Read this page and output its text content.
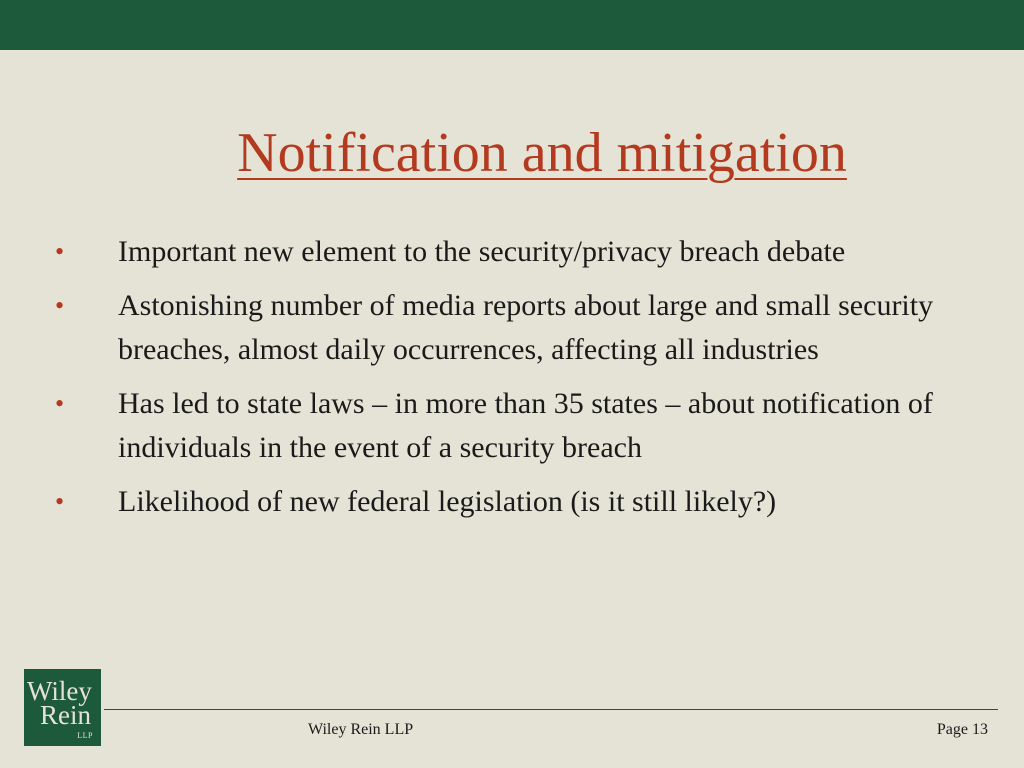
Notification and mitigation
• Important new element to the security/privacy breach debate
• Astonishing number of media reports about large and small security breaches, almost daily occurrences, affecting all industries
• Has led to state laws – in more than 35 states – about notification of individuals in the event of a security breach
• Likelihood of new federal legislation (is it still likely?)
Wiley
Rein
LLP	Wiley Rein LLP	Page 13
